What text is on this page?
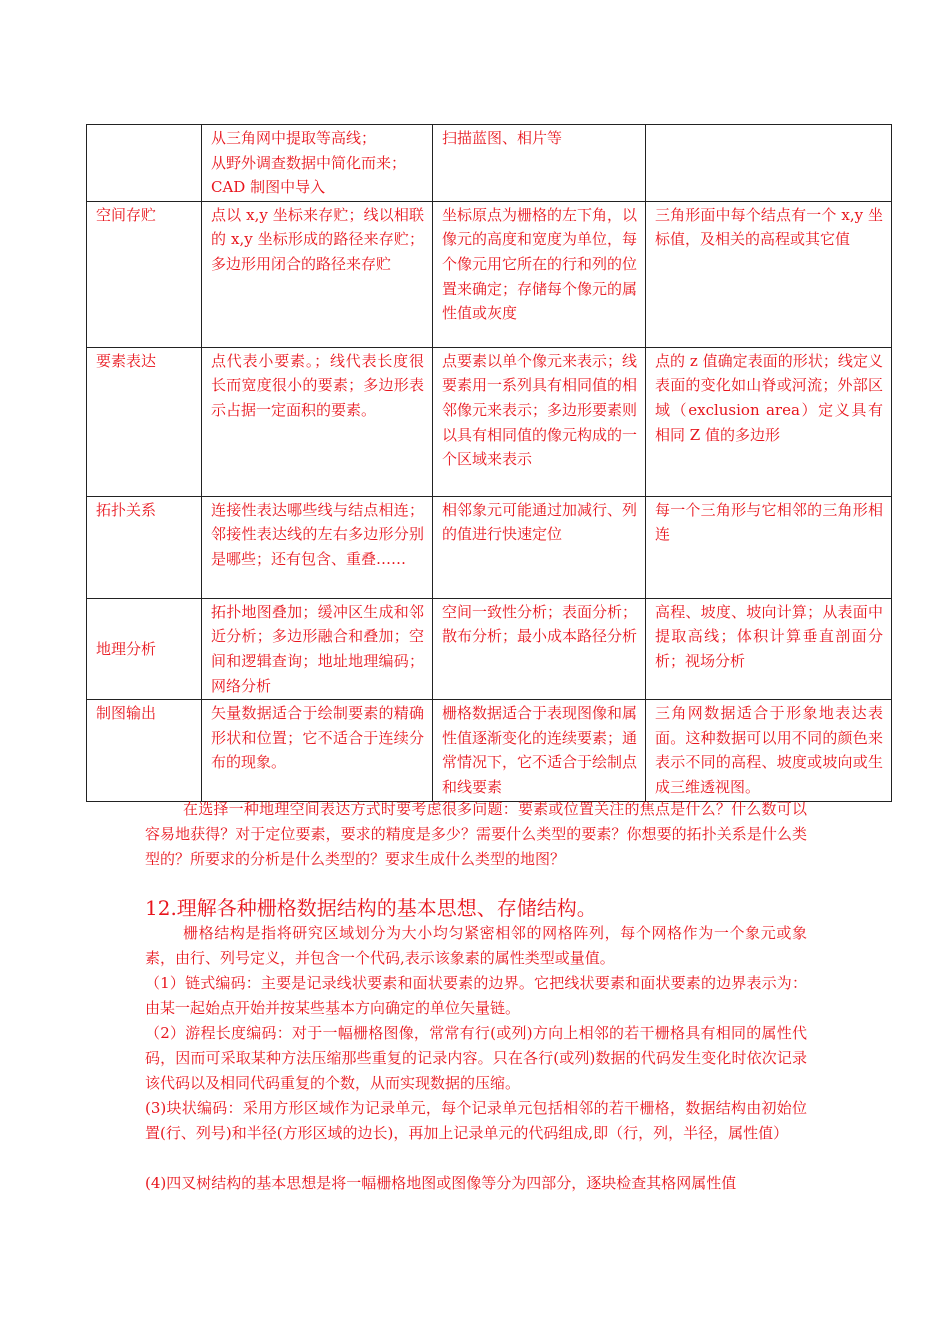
	从三角网中提取等高线；
从野外调查数据中简化而来；
CAD 制图中导入	扫描蓝图、相片等	
空间存贮	点以 x,y 坐标来存贮；线以相联的 x,y 坐标形成的路径来存贮；多边形用闭合的路径来存贮	坐标原点为栅格的左下角，以像元的高度和宽度为单位，每个像元用它所在的行和列的位置来确定；存储每个像元的属性值或灰度	三角形面中每个结点有一个 x,y 坐标值，及相关的高程或其它值
要素表达	点代表小要素。；线代表长度很长而宽度很小的要素；多边形表示占据一定面积的要素。	点要素以单个像元来表示；线要素用一系列具有相同值的相邻像元来表示；多边形要素则以具有相同值的像元构成的一个区域来表示	点的 z 值确定表面的形状；线定义表面的变化如山脊或河流；外部区域（exclusion area）定义具有相同 Z 值的多边形
拓扑关系	连接性表达哪些线与结点相连；邻接性表达线的左右多边形分别是哪些；还有包含、重叠……	相邻象元可能通过加减行、列的值进行快速定位	每一个三角形与它相邻的三角形相连
地理分析	拓扑地图叠加；缓冲区生成和邻近分析；多边形融合和叠加；空间和逻辑查询；地址地理编码；网络分析	空间一致性分析；表面分析；散布分析；最小成本路径分析	高程、坡度、坡向计算；从表面中提取高线；体积计算垂直剖面分析；视场分析
制图输出	矢量数据适合于绘制要素的精确形状和位置；它不适合于连续分布的现象。	栅格数据适合于表现图像和属性值逐渐变化的连续要素；通常情况下，它不适合于绘制点和线要素	三角网数据适合于形象地表达表面。这种数据可以用不同的颜色来表示不同的高程、坡度或坡向或生成三维透视图。
在选择一种地理空间表达方式时要考虑很多问题：要素或位置关注的焦点是什么？什么数可以容易地获得？对于定位要素，要求的精度是多少？需要什么类型的要素？你想要的拓扑关系是什么类型的？所要求的分析是什么类型的？要求生成什么类型的地图？
12.理解各种栅格数据结构的基本思想、存储结构。
栅格结构是指将研究区域划分为大小均匀紧密相邻的网格阵列，每个网格作为一个象元或象素，由行、列号定义，并包含一个代码,表示该象素的属性类型或量值。
（1）链式编码：主要是记录线状要素和面状要素的边界。它把线状要素和面状要素的边界表示为：由某一起始点开始并按某些基本方向确定的单位矢量链。
（2）游程长度编码：对于一幅栅格图像，常常有行(或列)方向上相邻的若干栅格具有相同的属性代码，因而可采取某种方法压缩那些重复的记录内容。只在各行(或列)数据的代码发生变化时依次记录该代码以及相同代码重复的个数，从而实现数据的压缩。
(3)块状编码：采用方形区域作为记录单元，每个记录单元包括相邻的若干栅格，数据结构由初始位置(行、列号)和半径(方形区域的边长)，再加上记录单元的代码组成,即（行，列，半径，属性值）
(4)四叉树结构的基本思想是将一幅栅格地图或图像等分为四部分，逐块检查其格网属性值
